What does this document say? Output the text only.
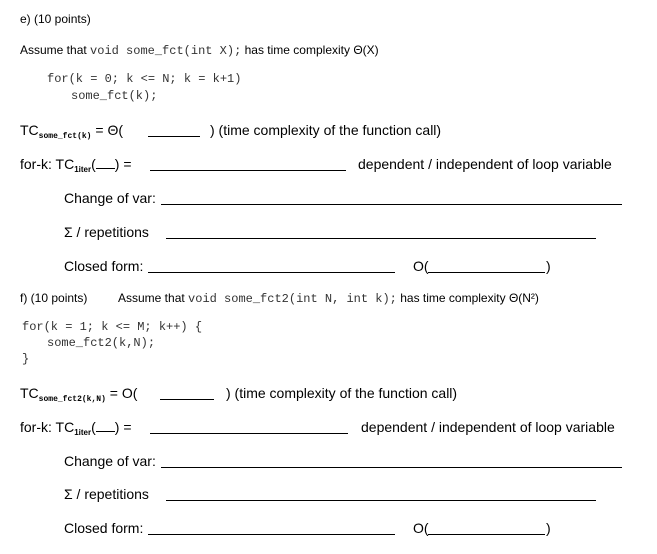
e) (10 points)
Assume that void some_fct(int X); has time complexity Θ(X)
for(k = 0; k <= N; k = k+1)
some_fct(k);
$TC_{some\_fct(k)} = \Theta$(	) (time complexity of the function call)
for-k: $TC_{1iter}$( ) =	dependent / independent of loop variable
Change of var:
Σ / repetitions
Closed form:	O(	)
f) (10 points)	Assume that void some_fct2(int N, int k); has time complexity Θ(N²)
for(k = 1; k <= M; k++) {
some_fct2(k,N);
}
$TC_{some\_fct2(k,N)} = O$(	) (time complexity of the function call)
for-k: $TC_{1iter}$( ) =	dependent / independent of loop variable
Change of var:
Σ / repetitions
Closed form:	O(	)
